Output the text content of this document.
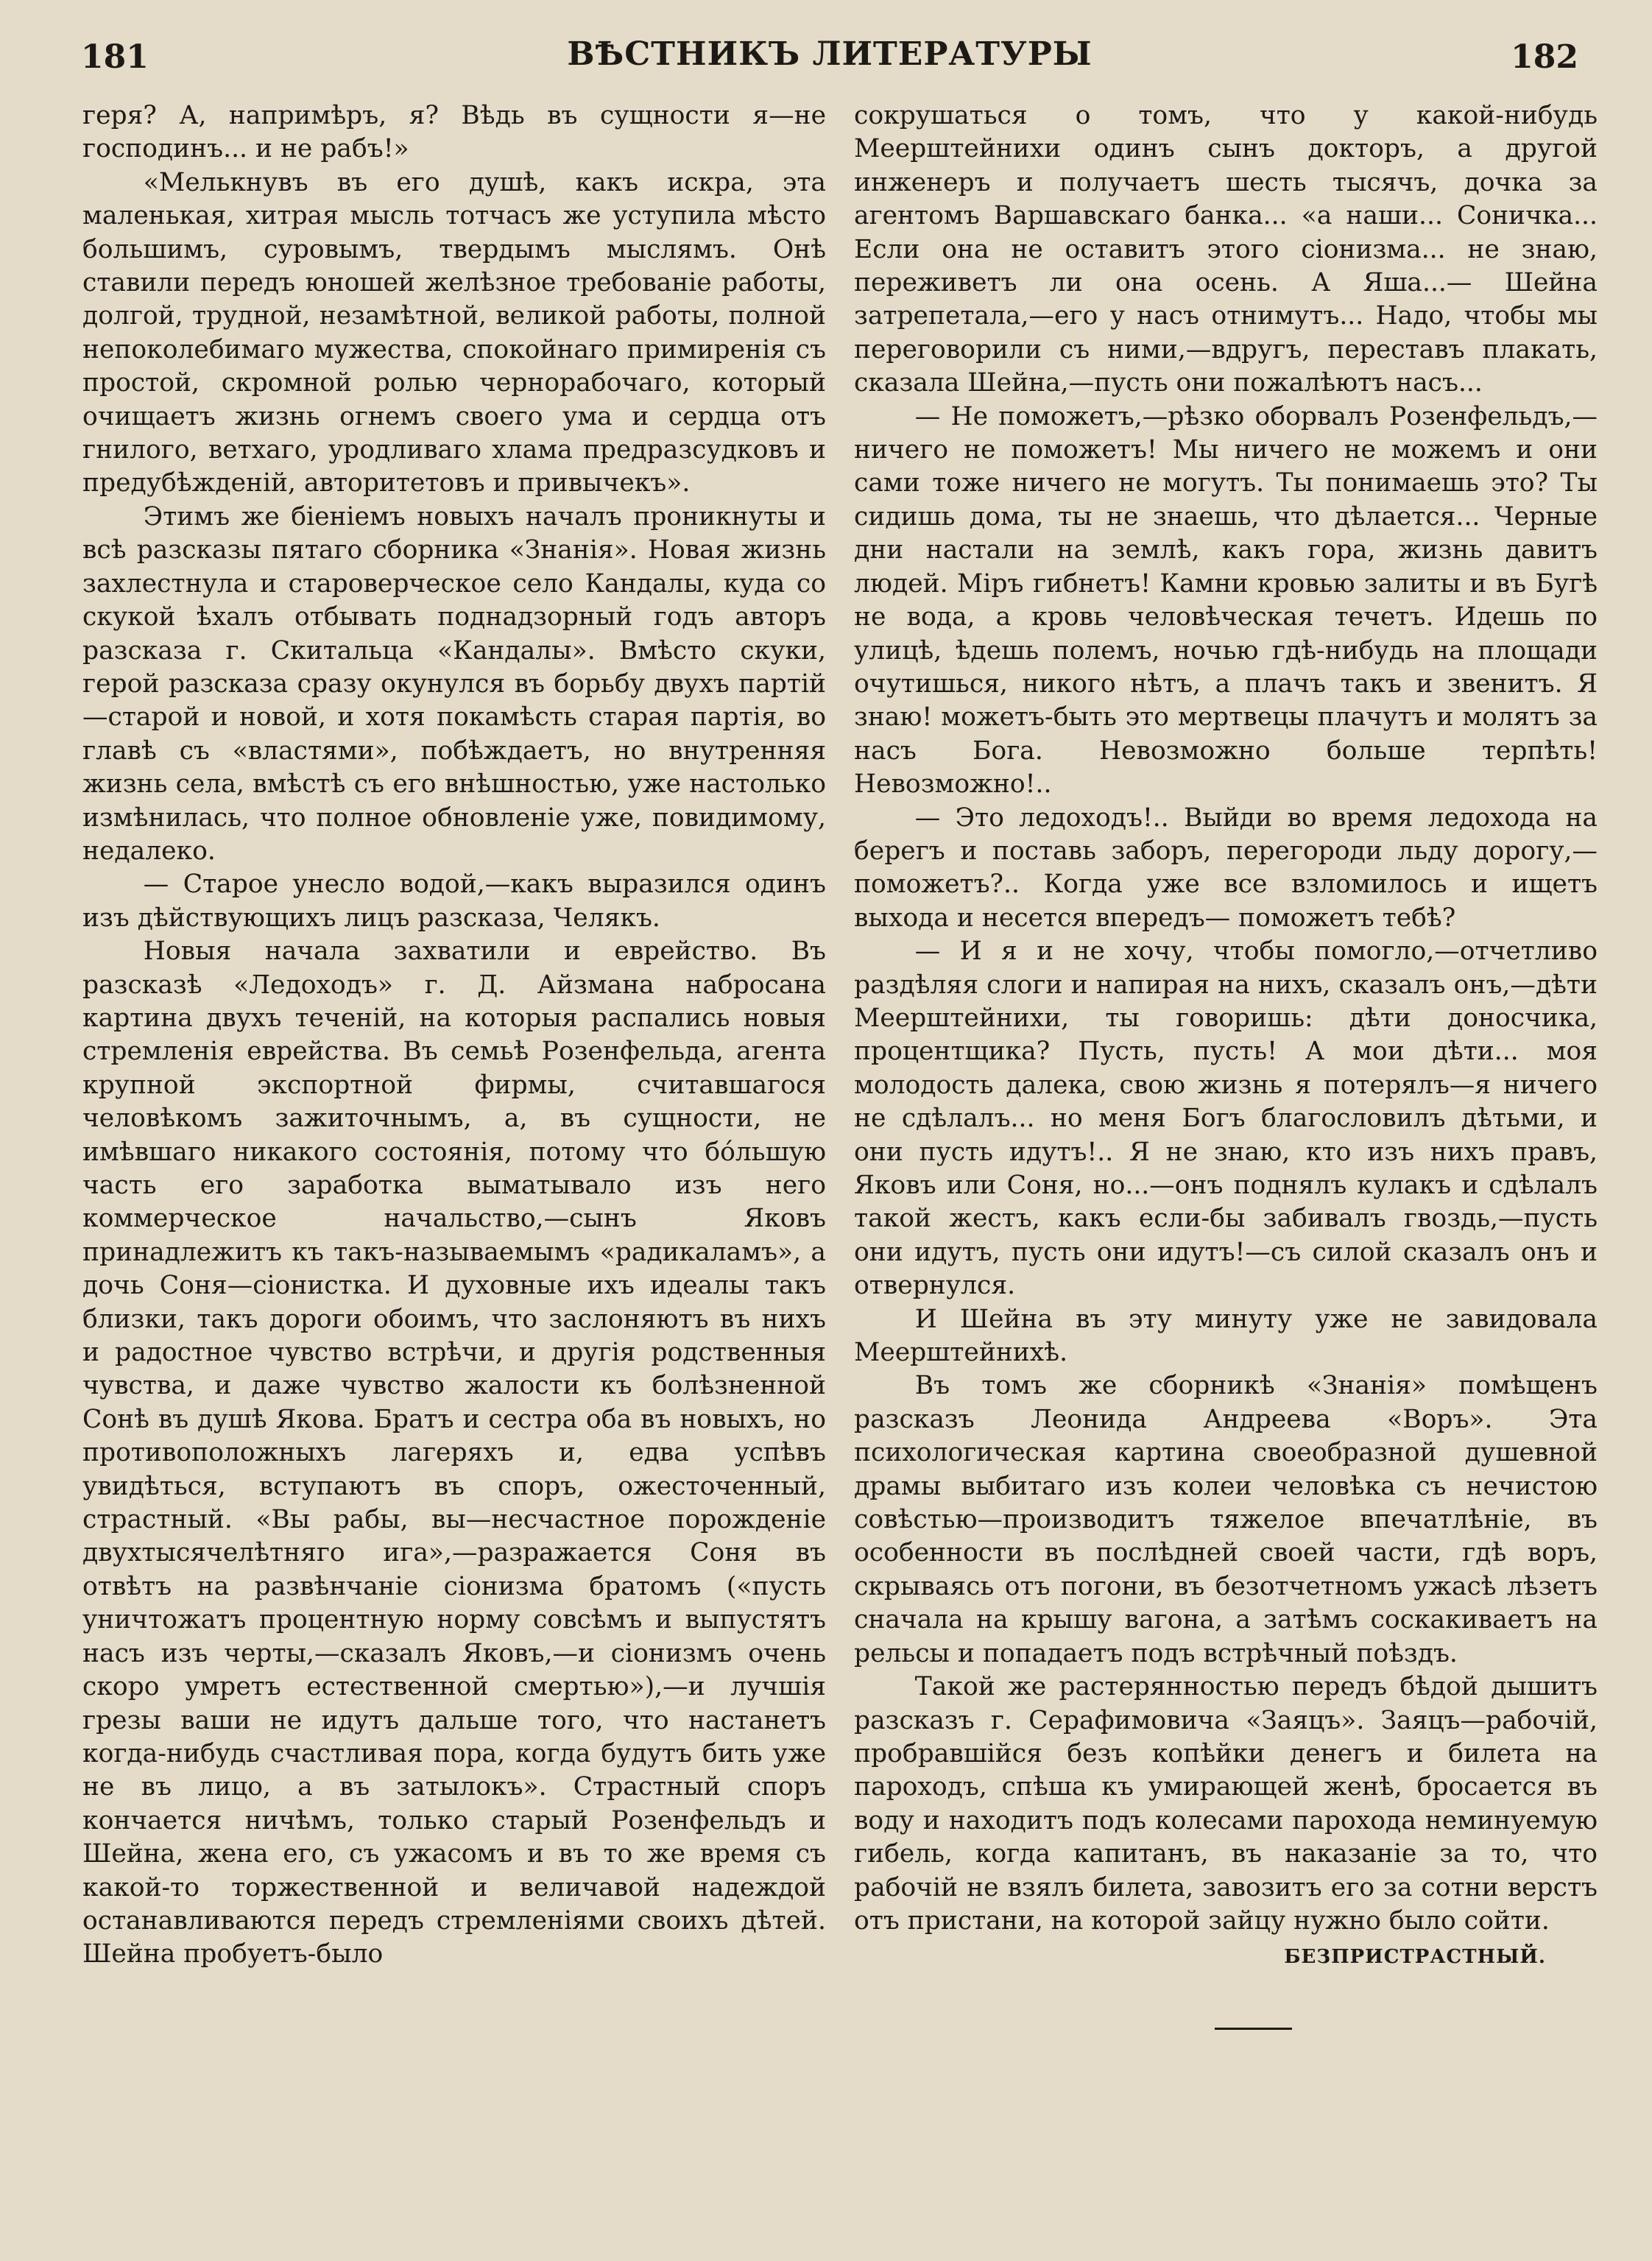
181	ВѢСТНИКЪ ЛИТЕРАТУРЫ	182

геря? А, напримѣръ, я? Вѣдь въ сущности я—не господинъ... и не рабъ!»

«Мелькнувъ въ его душѣ, какъ искра, эта маленькая, хитрая мысль тотчасъ же уступила мѣсто большимъ, суровымъ, твердымъ мыслямъ. Онѣ ставили передъ юношей желѣзное требованіе работы, долгой, трудной, незамѣтной, великой работы, полной непоколебимаго мужества, спокойнаго примиренія съ простой, скромной ролью чернорабочаго, который очищаетъ жизнь огнемъ своего ума и сердца отъ гнилого, ветхаго, уродливаго хлама предразсудковъ и предубѣжденій, авторитетовъ и привычекъ».

Этимъ же біеніемъ новыхъ началъ проникнуты и всѣ разсказы пятаго сборника «Знанія». Новая жизнь захлестнула и староверческое село Кандалы, куда со скукой ѣхалъ отбывать поднадзорный годъ авторъ разсказа г. Скитальца «Кандалы». Вмѣсто скуки, герой разсказа сразу окунулся въ борьбу двухъ партій—старой и новой, и хотя покамѣсть старая партія, во главѣ съ «властями», побѣждаетъ, но внутренняя жизнь села, вмѣстѣ съ его внѣшностью, уже настолько измѣнилась, что полное обновленіе уже, повидимому, недалеко.

— Старое унесло водой,—какъ выразился одинъ изъ дѣйствующихъ лицъ разсказа, Челякъ.

Новыя начала захватили и еврейство. Въ разсказѣ «Ледоходъ» г. Д. Айзмана набросана картина двухъ теченій, на которыя распались новыя стремленія еврейства. Въ семьѣ Розенфельда, агента крупной экспортной фирмы, считавшагося человѣкомъ зажиточнымъ, а, въ сущности, не имѣвшаго никакого состоянія, потому что бóльшую часть его заработка выматывало изъ него коммерческое начальство,—сынъ Яковъ принадлежитъ къ такъ-называемымъ «радикаламъ», а дочь Соня—сіонистка. И духовные ихъ идеалы такъ близки, такъ дороги обоимъ, что заслоняютъ въ нихъ и радостное чувство встрѣчи, и другія родственныя чувства, и даже чувство жалости къ болѣзненной Сонѣ въ душѣ Якова. Братъ и сестра оба въ новыхъ, но противоположныхъ лагеряхъ и, едва успѣвъ увидѣться, вступаютъ въ споръ, ожесточенный, страстный. «Вы рабы, вы—несчастное порожденіе двухтысячелѣтняго ига»,—разражается Соня въ отвѣтъ на развѣнчаніе сіонизма братомъ («пусть уничтожатъ процентную норму совсѣмъ и выпустятъ насъ изъ черты,—сказалъ Яковъ,—и сіонизмъ очень скоро умретъ естественной смертью»),—и лучшія грезы ваши не идутъ дальше того, что настанетъ когда-нибудь счастливая пора, когда будутъ бить уже не въ лицо, а въ затылокъ». Страстный споръ кончается ничѣмъ, только старый Розенфельдъ и Шейна, жена его, съ ужасомъ и въ то же время съ какой-то торжественной и величавой надеждой останавливаются передъ стремленіями своихъ дѣтей. Шейна пробуетъ-было

сокрушаться о томъ, что у какой-нибудь Меерштейнихи одинъ сынъ докторъ, а другой инженеръ и получаетъ шесть тысячъ, дочка за агентомъ Варшавскаго банка... «а наши... Соничка... Если она не оставитъ этого сіонизма... не знаю, переживетъ ли она осень. А Яша...— Шейна затрепетала,—его у насъ отнимутъ... Надо, чтобы мы переговорили съ ними,—вдругъ, переставъ плакать, сказала Шейна,—пусть они пожалѣютъ насъ...

— Не поможетъ,—рѣзко оборвалъ Розенфельдъ,—ничего не поможетъ! Мы ничего не можемъ и они сами тоже ничего не могутъ. Ты понимаешь это? Ты сидишь дома, ты не знаешь, что дѣлается... Черные дни настали на землѣ, какъ гора, жизнь давитъ людей. Міръ гибнетъ! Камни кровью залиты и въ Бугѣ не вода, а кровь человѣческая течетъ. Идешь по улицѣ, ѣдешь полемъ, ночью гдѣ-нибудь на площади очутишься, никого нѣтъ, а плачъ такъ и звенитъ. Я знаю! можетъ-быть это мертвецы плачутъ и молятъ за насъ Бога. Невозможно больше терпѣть! Невозможно!..

— Это ледоходъ!.. Выйди во время ледохода на берегъ и поставь заборъ, перегороди льду дорогу,—поможетъ?.. Когда уже все взломилось и ищетъ выхода и несется впередъ— поможетъ тебѣ?

— И я и не хочу, чтобы помогло,—отчетливо раздѣляя слоги и напирая на нихъ, сказалъ онъ,—дѣти Меерштейнихи, ты говоришь: дѣти доносчика, процентщика? Пусть, пусть! А мои дѣти... моя молодость далека, свою жизнь я потерялъ—я ничего не сдѣлалъ... но меня Богъ благословилъ дѣтьми, и они пусть идутъ!.. Я не знаю, кто изъ нихъ правъ, Яковъ или Соня, но...—онъ поднялъ кулакъ и сдѣлалъ такой жестъ, какъ если-бы забивалъ гвоздь,—пусть они идутъ, пусть они идутъ!—съ силой сказалъ онъ и отвернулся.

И Шейна въ эту минуту уже не завидовала Меерштейнихѣ.

Въ томъ же сборникѣ «Знанія» помѣщенъ разсказъ Леонида Андреева «Воръ». Эта психологическая картина своеобразной душевной драмы выбитаго изъ колеи человѣка съ нечистою совѣстью—производитъ тяжелое впечатлѣніе, въ особенности въ послѣдней своей части, гдѣ воръ, скрываясь отъ погони, въ безотчетномъ ужасѣ лѣзетъ сначала на крышу вагона, а затѣмъ соскакиваетъ на рельсы и попадаетъ подъ встрѣчный поѣздъ.

Такой же растерянностью передъ бѣдой дышитъ разсказъ г. Серафимовича «Заяцъ». Заяцъ—рабочій, пробравшійся безъ копѣйки денегъ и билета на пароходъ, спѣша къ умирающей женѣ, бросается въ воду и находитъ подъ колесами парохода неминуемую гибель, когда капитанъ, въ наказаніе за то, что рабочій не взялъ билета, завозитъ его за сотни верстъ отъ пристани, на которой зайцу нужно было сойти.

БЕЗПРИСТРАСТНЫЙ.
